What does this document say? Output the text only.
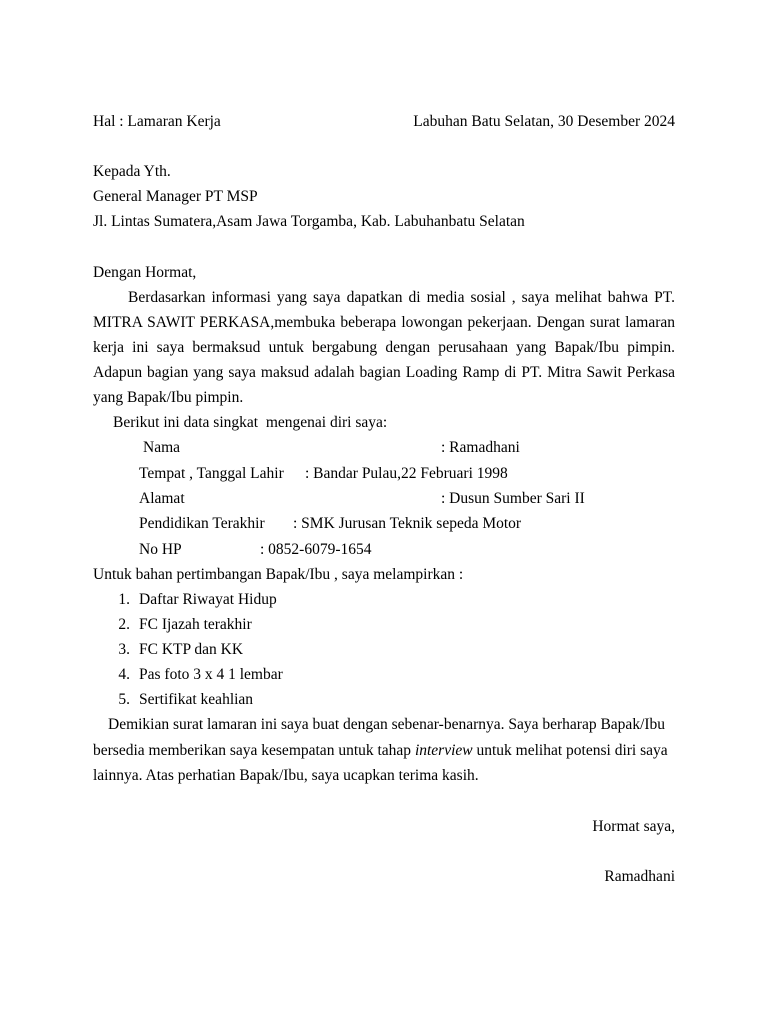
Hal : Lamaran Kerja	Labuhan Batu Selatan, 30 Desember 2024
Kepada Yth.
General Manager PT MSP
Jl. Lintas Sumatera,Asam Jawa Torgamba, Kab. Labuhanbatu Selatan
Dengan Hormat,
Berdasarkan informasi yang saya dapatkan di media sosial , saya melihat bahwa PT.
MITRA SAWIT PERKASA,membuka beberapa lowongan pekerjaan. Dengan surat lamaran
kerja ini saya bermaksud untuk bergabung dengan perusahaan yang Bapak/Ibu pimpin.
Adapun bagian yang saya maksud adalah bagian Loading Ramp di PT. Mitra Sawit Perkasa
yang Bapak/Ibu pimpin.
Berikut ini data singkat  mengenai diri saya:
Nama	: Ramadhani
Tempat , Tanggal Lahir : Bandar Pulau,22 Februari 1998
Alamat	: Dusun Sumber Sari II
Pendidikan Terakhir : SMK Jurusan Teknik sepeda Motor
No HP	: 0852-6079-1654
Untuk bahan pertimbangan Bapak/Ibu , saya melampirkan :
1. Daftar Riwayat Hidup
2. FC Ijazah terakhir
3. FC KTP dan KK
4. Pas foto 3 x 4 1 lembar
5. Sertifikat keahlian
Demikian surat lamaran ini saya buat dengan sebenar-benarnya. Saya berharap Bapak/Ibu
bersedia memberikan saya kesempatan untuk tahap interview untuk melihat potensi diri saya
lainnya. Atas perhatian Bapak/Ibu, saya ucapkan terima kasih.
Hormat saya,
Ramadhani
